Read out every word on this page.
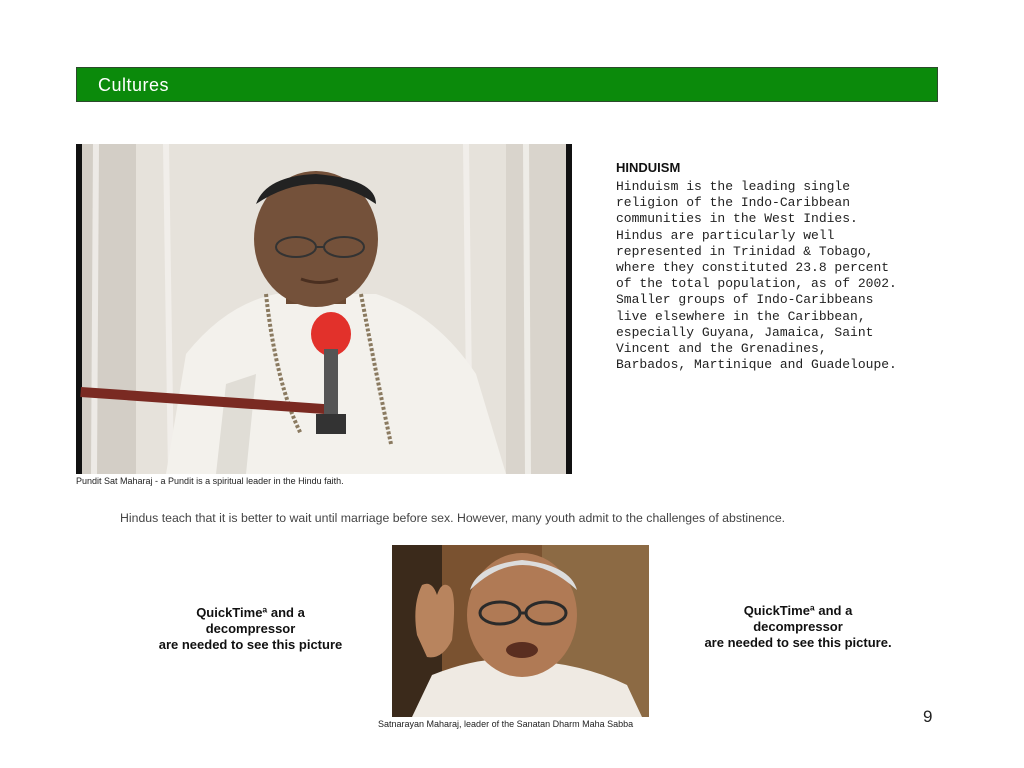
Cultures
Pundit Sat Maharaj - a Pundit is a spiritual leader in the Hindu faith.
HINDUISM
Hinduism is the leading single
religion of the Indo-Caribbean
communities in the West Indies.
Hindus are particularly well
represented in Trinidad & Tobago,
where they constituted 23.8 percent
of the total population, as of 2002.
Smaller groups of Indo-Caribbeans
live elsewhere in the Caribbean,
especially Guyana, Jamaica, Saint
Vincent and the Grenadines,
Barbados, Martinique and Guadeloupe.
Hindus teach that it is better to wait until marriage before sex. However, many youth admit to the challenges of abstinence.
QuickTimeª and a
decompressor
are needed to see this picture
Satnarayan Maharaj, leader of the Sanatan Dharm Maha Sabba
QuickTimeª and a
decompressor
are needed to see this picture.
9
